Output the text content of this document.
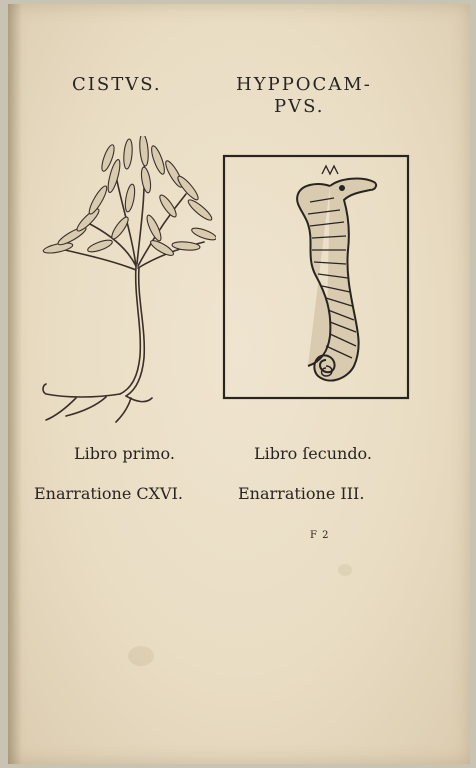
CISTVS.	HYPPOCAM-
PVS.
Libro primo.	Libro ſecundo.
Enarratione CXVI.	Enarratione III.
F 2
